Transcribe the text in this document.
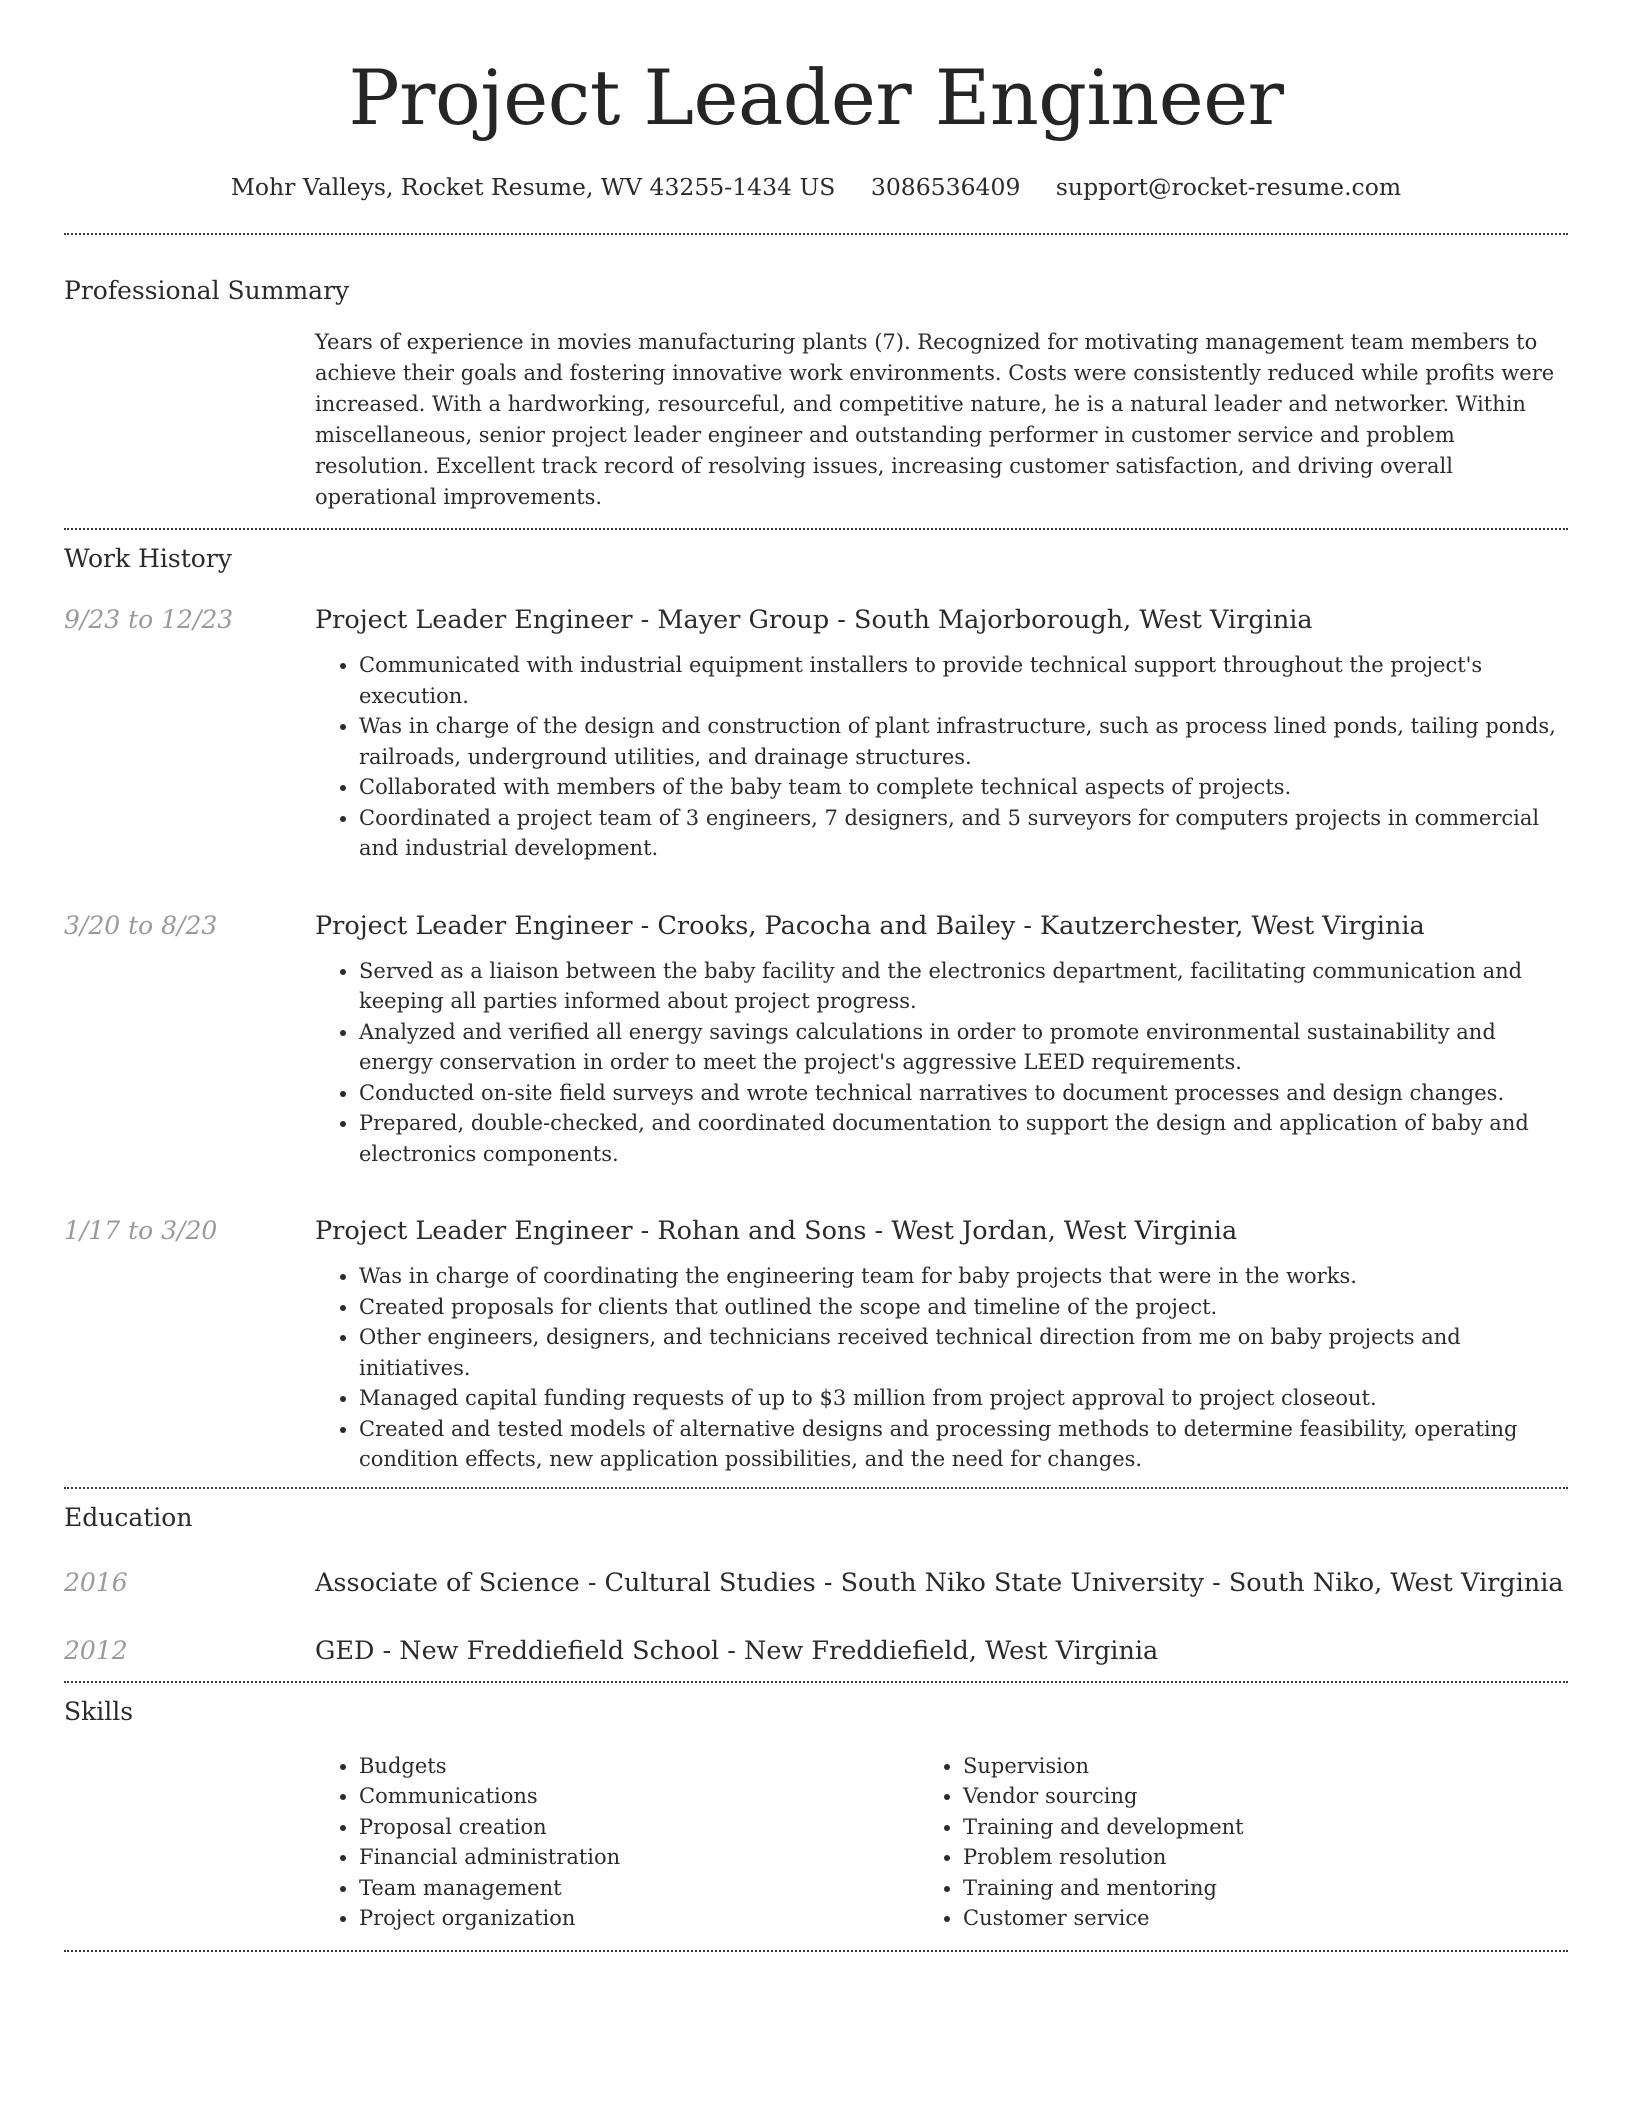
Project Leader Engineer
Mohr Valleys, Rocket Resume, WV 43255-1434 US 3086536409 support@rocket-resume.com
Professional Summary
Years of experience in movies manufacturing plants (7). Recognized for motivating management team members to achieve their goals and fostering innovative work environments. Costs were consistently reduced while profits were increased. With a hardworking, resourceful, and competitive nature, he is a natural leader and networker. Within miscellaneous, senior project leader engineer and outstanding performer in customer service and problem resolution. Excellent track record of resolving issues, increasing customer satisfaction, and driving overall operational improvements.
Work History
9/23 to 12/23	Project Leader Engineer - Mayer Group - South Majorborough, West Virginia
• Communicated with industrial equipment installers to provide technical support throughout the project's execution.
• Was in charge of the design and construction of plant infrastructure, such as process lined ponds, tailing ponds, railroads, underground utilities, and drainage structures.
• Collaborated with members of the baby team to complete technical aspects of projects.
• Coordinated a project team of 3 engineers, 7 designers, and 5 surveyors for computers projects in commercial and industrial development.
3/20 to 8/23	Project Leader Engineer - Crooks, Pacocha and Bailey - Kautzerchester, West Virginia
• Served as a liaison between the baby facility and the electronics department, facilitating communication and keeping all parties informed about project progress.
• Analyzed and verified all energy savings calculations in order to promote environmental sustainability and energy conservation in order to meet the project's aggressive LEED requirements.
• Conducted on-site field surveys and wrote technical narratives to document processes and design changes.
• Prepared, double-checked, and coordinated documentation to support the design and application of baby and electronics components.
1/17 to 3/20	Project Leader Engineer - Rohan and Sons - West Jordan, West Virginia
• Was in charge of coordinating the engineering team for baby projects that were in the works.
• Created proposals for clients that outlined the scope and timeline of the project.
• Other engineers, designers, and technicians received technical direction from me on baby projects and initiatives.
• Managed capital funding requests of up to $3 million from project approval to project closeout.
• Created and tested models of alternative designs and processing methods to determine feasibility, operating condition effects, new application possibilities, and the need for changes.
Education
2016	Associate of Science - Cultural Studies - South Niko State University - South Niko, West Virginia
2012	GED - New Freddiefield School - New Freddiefield, West Virginia
Skills
• Budgets
• Communications
• Proposal creation
• Financial administration
• Team management
• Project organization
• Supervision
• Vendor sourcing
• Training and development
• Problem resolution
• Training and mentoring
• Customer service
